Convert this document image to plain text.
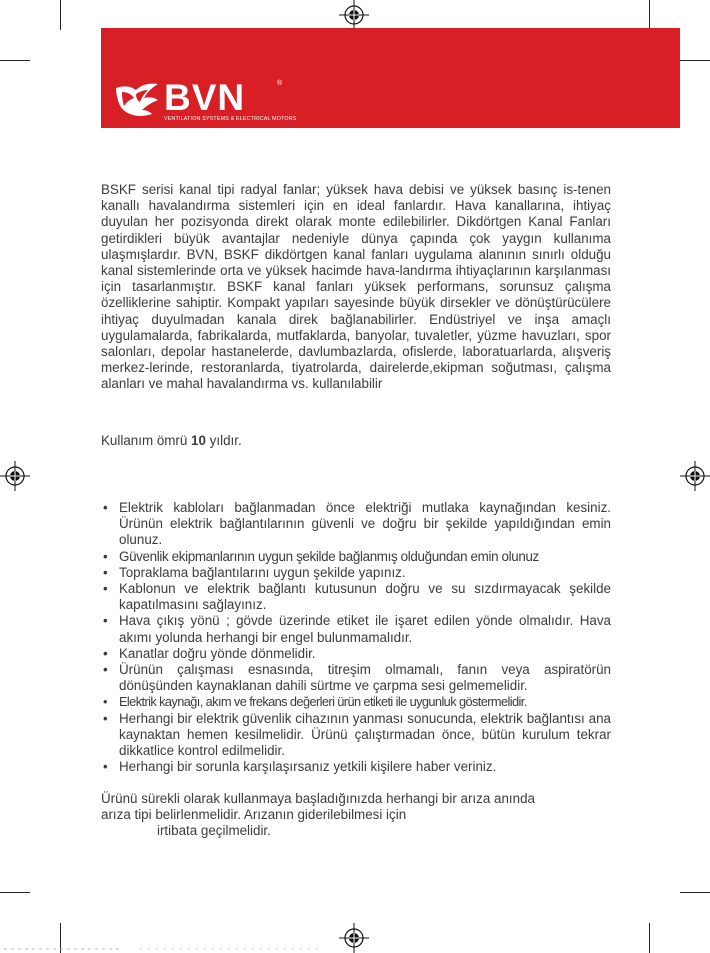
BVN	®
VENTILATION SYSTEMS & ELECTRICAL MOTORS
BSKF serisi kanal tipi radyal fanlar; yüksek hava debisi ve yüksek basınç is-tenen kanallı havalandırma sistemleri için en ideal fanlardır. Hava kanallarına, ihtiyaç duyulan her pozisyonda direkt olarak monte edilebilirler. Dikdörtgen Kanal Fanları getirdikleri büyük avantajlar nedeniyle dünya çapında çok yaygın kullanıma ulaşmışlardır. BVN, BSKF dikdörtgen kanal fanları uygulama alanının sınırlı olduğu kanal sistemlerinde orta ve yüksek hacimde hava-landırma ihtiyaçlarının karşılanması için tasarlanmıştır. BSKF kanal fanları yüksek performans, sorunsuz çalışma özelliklerine sahiptir. Kompakt yapıları sayesinde büyük dirsekler ve dönüştürücülere ihtiyaç duyulmadan kanala direk bağlanabilirler. Endüstriyel ve inşa amaçlı uygulamalarda, fabrikalarda, mutfaklarda, banyolar, tuvaletler, yüzme havuzları, spor salonları, depolar hastanelerde, davlumbazlarda, ofislerde, laboratuarlarda, alışveriş merkez-lerinde, restoranlarda, tiyatrolarda, dairelerde,ekipman soğutması, çalışma alanları ve mahal havalandırma vs. kullanılabilir
Kullanım ömrü 10 yıldır.
• Elektrik kabloları bağlanmadan önce elektriği mutlaka kaynağından kesiniz. Ürünün elektrik bağlantılarının güvenli ve doğru bir şekilde yapıldığından emin olunuz.
• Güvenlik ekipmanlarının uygun şekilde bağlanmış olduğundan emin olunuz
• Topraklama bağlantılarını uygun şekilde yapınız.
• Kablonun ve elektrik bağlantı kutusunun doğru ve su sızdırmayacak şekilde kapatılmasını sağlayınız.
• Hava çıkış yönü ; gövde üzerinde etiket ile işaret edilen yönde olmalıdır. Hava akımı yolunda herhangi bir engel bulunmamalıdır.
• Kanatlar doğru yönde dönmelidir.
• Ürünün çalışması esnasında, titreşim olmamalı, fanın veya aspiratörün dönüşünden kaynaklanan dahili sürtme ve çarpma sesi gelmemelidir.
• Elektrik kaynağı, akım ve frekans değerleri ürün etiketi ile uygunluk göstermelidir.
• Herhangi bir elektrik güvenlik cihazının yanması sonucunda, elektrik bağlantısı ana kaynaktan hemen kesilmelidir. Ürünü çalıştırmadan önce, bütün kurulum tekrar dikkatlice kontrol edilmelidir.
• Herhangi bir sorunla karşılaşırsanız yetkili kişilere haber veriniz.
Ürünü sürekli olarak kullanmaya başladığınızda herhangi bir arıza anında
arıza tipi belirlenmelidir. Arızanın giderilebilmesi için
irtibata geçilmelidir.
